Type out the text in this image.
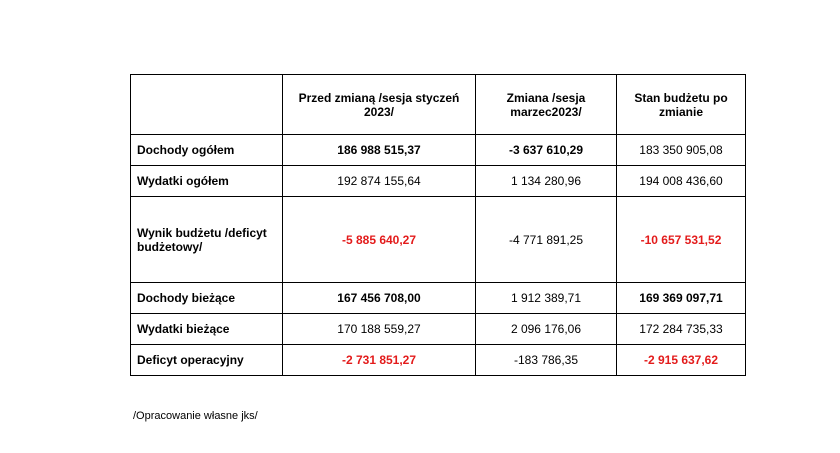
	Przed zmianą /sesja styczeń 2023/	Zmiana /sesja marzec2023/	Stan budżetu po zmianie
Dochody ogółem	186 988 515,37	-3 637 610,29	183 350 905,08
Wydatki ogółem	192 874 155,64	1 134 280,96	194 008 436,60
Wynik budżetu /deficyt budżetowy/	-5 885 640,27	-4 771 891,25	-10 657 531,52
Dochody bieżące	167 456 708,00	1 912 389,71	169 369 097,71
Wydatki bieżące	170 188 559,27	2 096 176,06	172 284 735,33
Deficyt operacyjny	-2 731 851,27	-183 786,35	-2 915 637,62
/Opracowanie własne jks/
